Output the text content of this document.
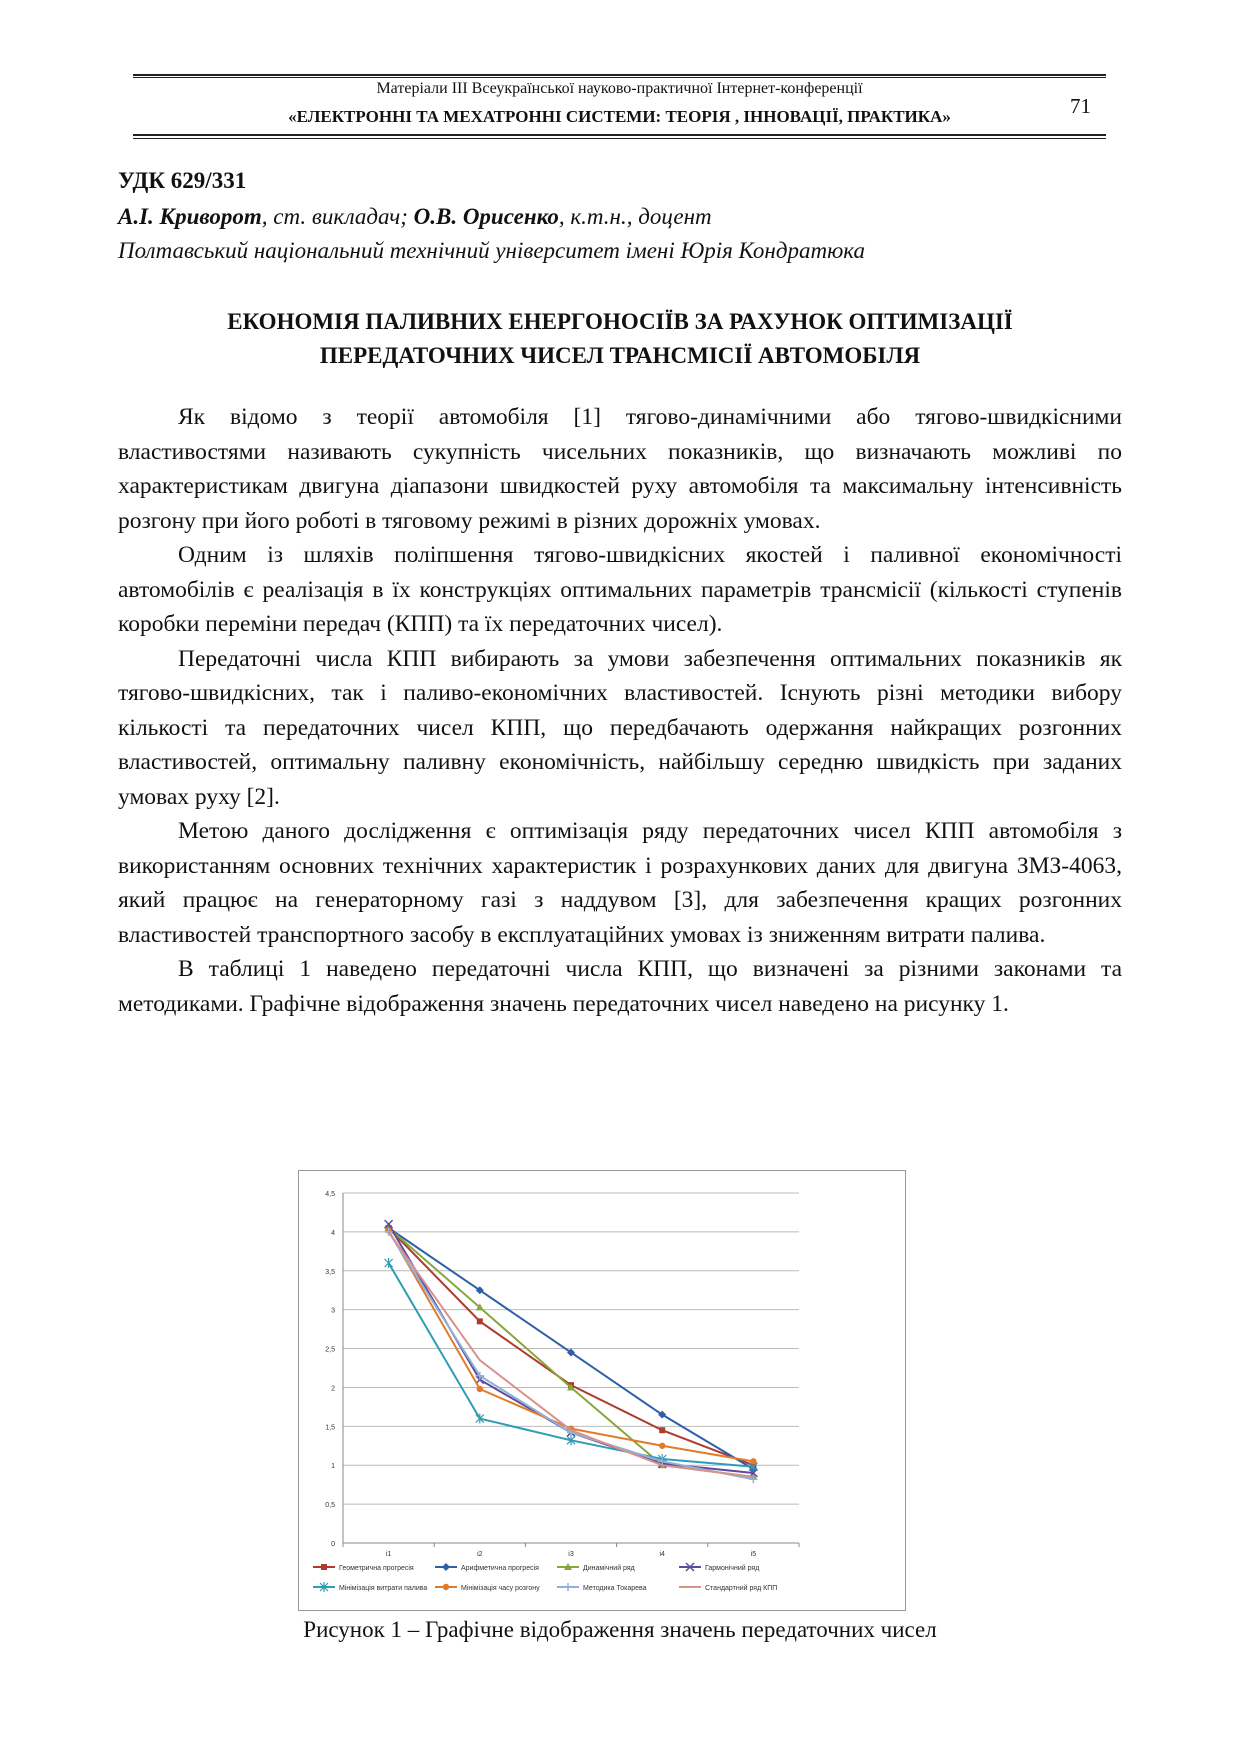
Матеріали III Всеукраїнської науково-практичної Інтернет-конференції
«ЕЛЕКТРОННІ ТА МЕХАТРОННІ СИСТЕМИ: ТЕОРІЯ , ІННОВАЦІЇ, ПРАКТИКА»	71
УДК 629/331
А.І. Криворот, ст. викладач; О.В. Орисенко, к.т.н., доцент
Полтавський національний технічний університет імені Юрія Кондратюка
ЕКОНОМІЯ ПАЛИВНИХ ЕНЕРГОНОСІЇВ ЗА РАХУНОК ОПТИМІЗАЦІЇ
ПЕРЕДАТОЧНИХ ЧИСЕЛ ТРАНСМІСІЇ АВТОМОБІЛЯ

Як відомо з теорії автомобіля [1] тягово-динамічними або тягово-швидкісними властивостями називають сукупність чисельних показників, що визначають можливі по характеристикам двигуна діапазони швидкостей руху автомобіля та максимальну інтенсивність розгону при його роботі в тяговому режимі в різних дорожніх умовах.

Одним із шляхів поліпшення тягово-швидкісних якостей і паливної економічності автомобілів є реалізація в їх конструкціях оптимальних параметрів трансмісії (кількості ступенів коробки переміни передач (КПП) та їх передаточних чисел).

Передаточні числа КПП вибирають за умови забезпечення оптимальних показників як тягово-швидкісних, так і паливо-економічних властивостей. Існують різні методики вибору кількості та передаточних чисел КПП, що передбачають одержання найкращих розгонних властивостей, оптимальну паливну економічність, найбільшу середню швидкість при заданих умовах руху [2].

Метою даного дослідження є оптимізація ряду передаточних чисел КПП автомобіля з використанням основних технічних характеристик і розрахункових даних для двигуна ЗМЗ-4063, який працює на генераторному газі з наддувом [3], для забезпечення кращих розгонних властивостей транспортного засобу в експлуатаційних умовах із зниженням витрати палива.

В таблиці 1 наведено передаточні числа КПП, що визначені за різними законами та методиками. Графічне відображення значень передаточних чисел наведено на рисунку 1.

0
0,5
1
1,5
2
2,5
3
3,5
4
4,5
i1	i2	i3	i4	i5
Геометрична прогресія	Арифметична прогресія	Динамічний ряд	Гармонічний ряд
Мінімізація витрати палива	Мінімізація часу розгону	Методика Токарева	Стандартний ряд КПП
Рисунок 1 – Графічне відображення значень передаточних чисел
